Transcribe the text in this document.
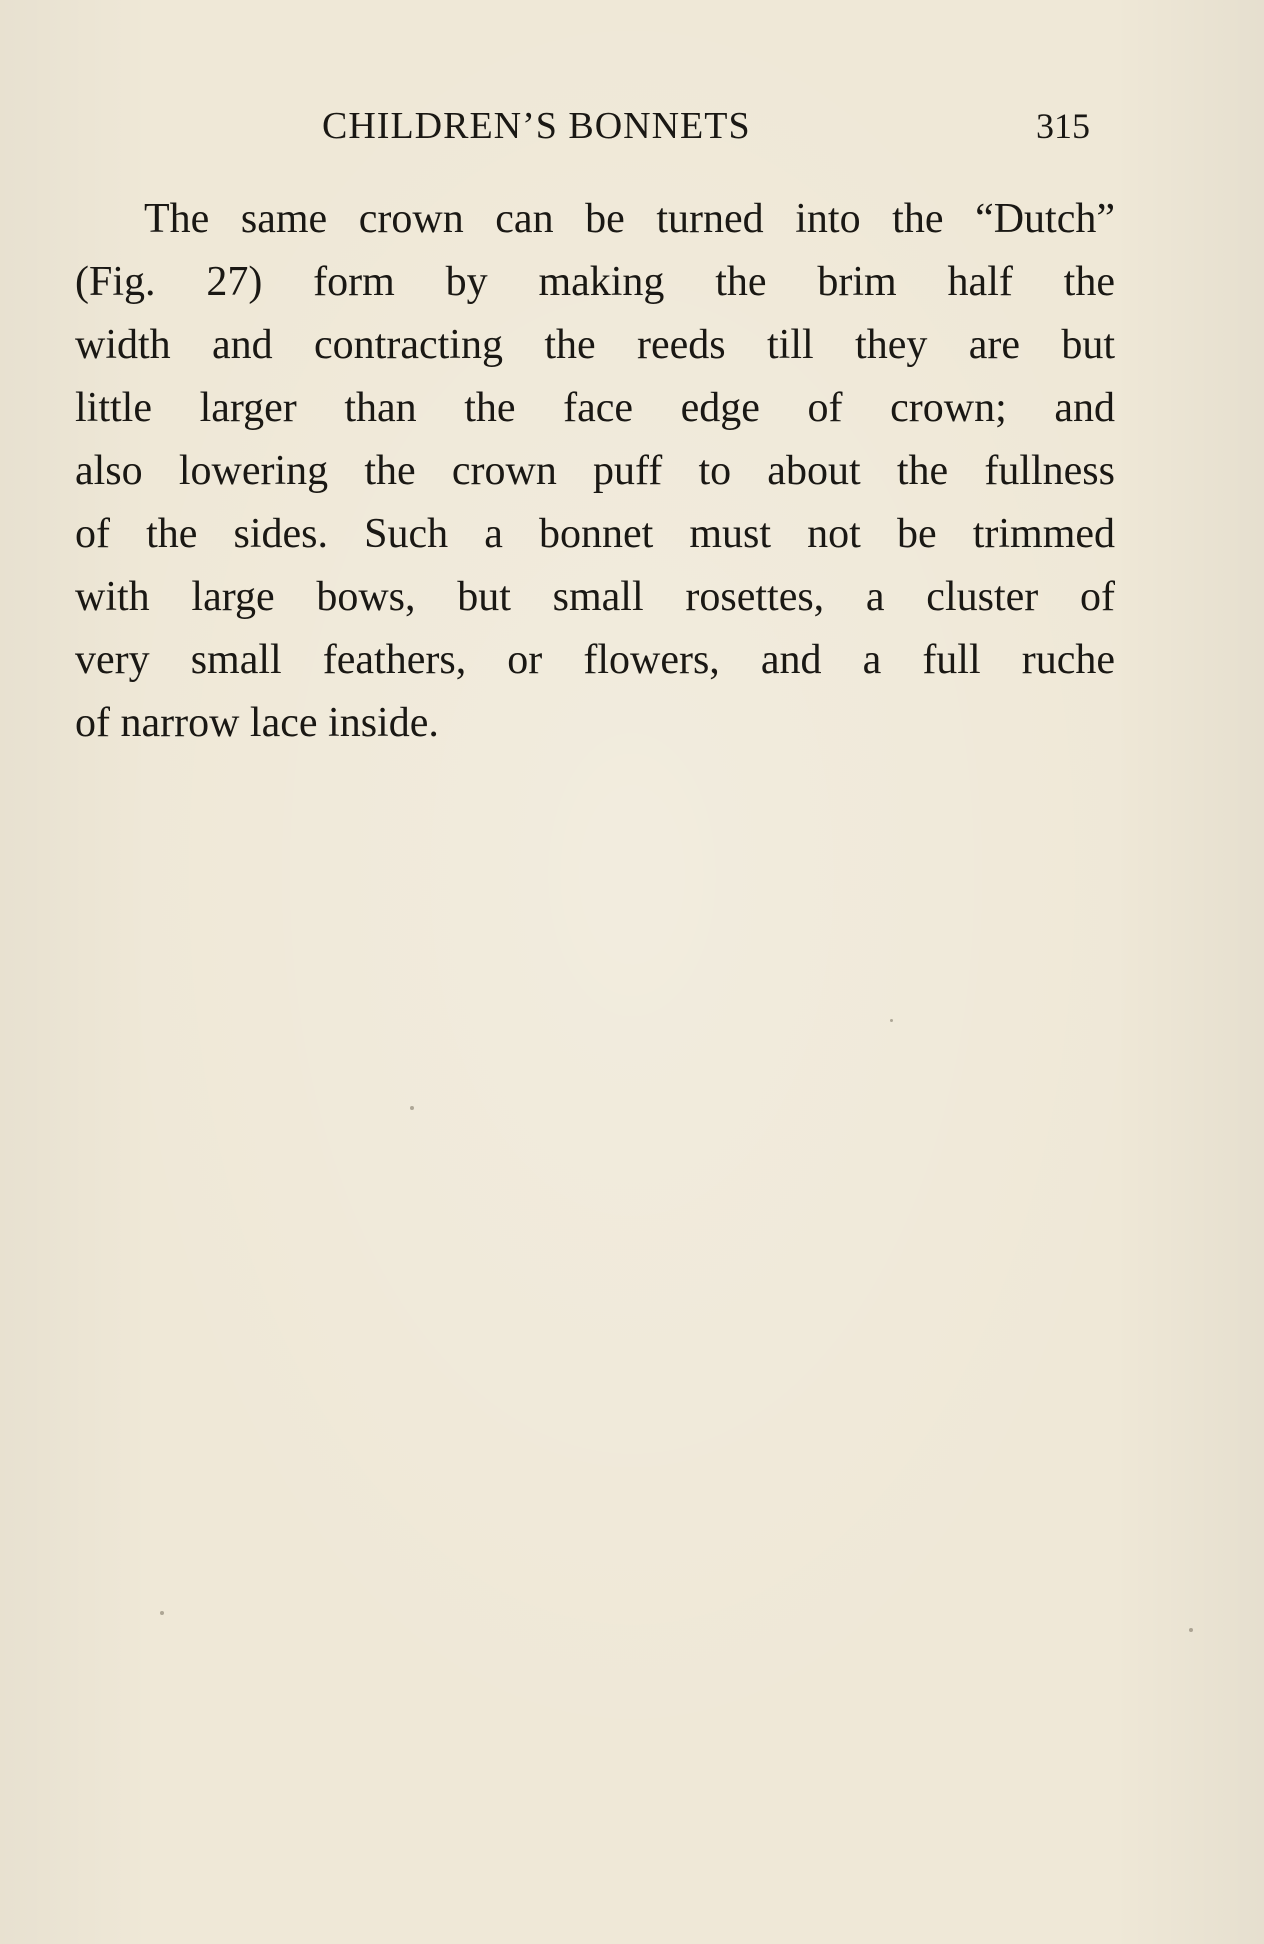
CHILDREN’S BONNETS	315
The same crown can be turned into the “Dutch”
(Fig. 27) form by making the brim half the
width and contracting the reeds till they are but
little larger than the face edge of crown; and
also lowering the crown puff to about the fullness
of the sides. Such a bonnet must not be trimmed
with large bows, but small rosettes, a cluster of
very small feathers, or flowers, and a full ruche
of narrow lace inside.
